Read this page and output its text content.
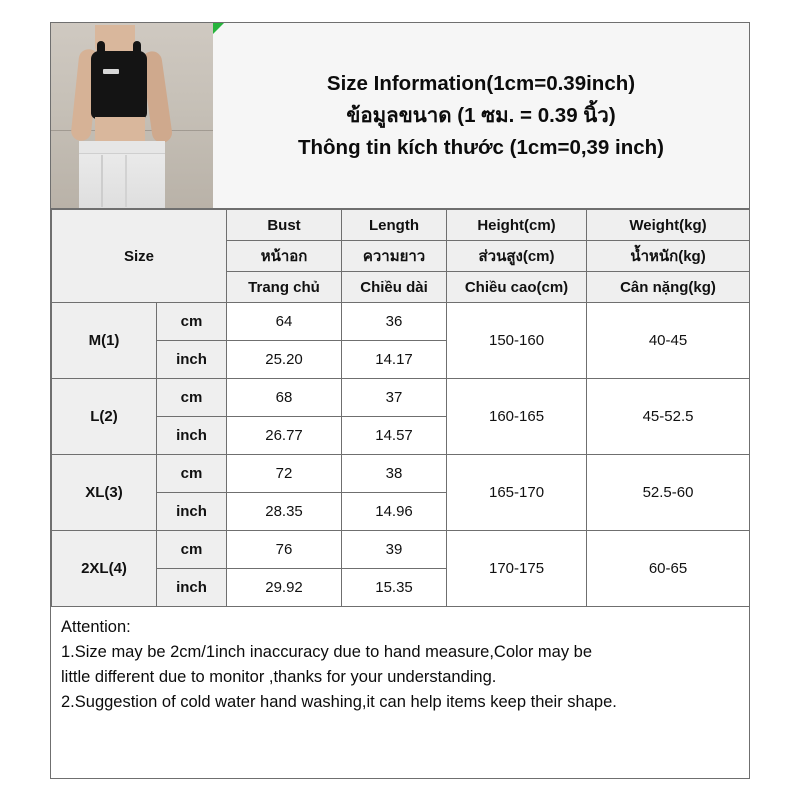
Size Information(1cm=0.39inch)
ข้อมูลขนาด (1 ซม. = 0.39 นิ้ว)
Thông tin kích thước (1cm=0,39 inch)
Size		Bust	Length	Height(cm)	Weight(kg)
		หน้าอก	ความยาว	ส่วนสูง(cm)	น้ำหนัก(kg)
		Trang chủ	Chiều dài	Chiều cao(cm)	Cân nặng(kg)
M(1)	cm	64	36	150-160	40-45
	inch	25.20	14.17		
L(2)	cm	68	37	160-165	45-52.5
	inch	26.77	14.57		
XL(3)	cm	72	38	165-170	52.5-60
	inch	28.35	14.96		
2XL(4)	cm	76	39	170-175	60-65
	inch	29.92	15.35		

Attention:

1.Size may be 2cm/1inch inaccuracy due to hand measure,Color may be

little different due to monitor ,thanks for your understanding.

2.Suggestion of cold water hand washing,it can help items keep their shape.
